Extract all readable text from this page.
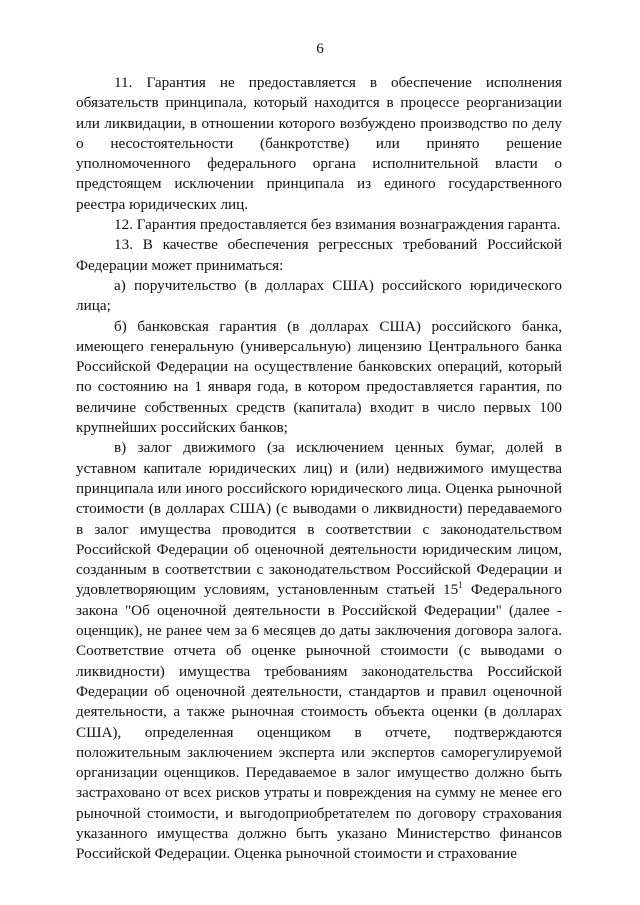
6

11. Гарантия не предоставляется в обеспечение исполнения обязательств принципала, который находится в процессе реорганизации или ликвидации, в отношении которого возбуждено производство по делу о несостоятельности (банкротстве) или принято решение уполномоченного федерального органа исполнительной власти о предстоящем исключении принципала из единого государственного реестра юридических лиц.

12. Гарантия предоставляется без взимания вознаграждения гаранта.

13. В качестве обеспечения регрессных требований Российской Федерации может приниматься:

а) поручительство (в долларах США) российского юридического лица;

б) банковская гарантия (в долларах США) российского банка, имеющего генеральную (универсальную) лицензию Центрального банка Российской Федерации на осуществление банковских операций, который по состоянию на 1 января года, в котором предоставляется гарантия, по величине собственных средств (капитала) входит в число первых 100 крупнейших российских банков;

в) залог движимого (за исключением ценных бумаг, долей в уставном капитале юридических лиц) и (или) недвижимого имущества принципала или иного российского юридического лица. Оценка рыночной стоимости (в долларах США) (с выводами о ликвидности) передаваемого в залог имущества проводится в соответствии с законодательством Российской Федерации об оценочной деятельности юридическим лицом, созданным в соответствии с законодательством Российской Федерации и удовлетворяющим условиям, установленным статьей $15^1$ Федерального закона "Об оценочной деятельности в Российской Федерации" (далее - оценщик), не ранее чем за 6 месяцев до даты заключения договора залога. Соответствие отчета об оценке рыночной стоимости (с выводами о ликвидности) имущества требованиям законодательства Российской Федерации об оценочной деятельности, стандартов и правил оценочной деятельности, а также рыночная стоимость объекта оценки (в долларах США), определенная оценщиком в отчете, подтверждаются положительным заключением эксперта или экспертов саморегулируемой организации оценщиков. Передаваемое в залог имущество должно быть застраховано от всех рисков утраты и повреждения на сумму не менее его рыночной стоимости, и выгодоприобретателем по договору страхования указанного имущества должно быть указано Министерство финансов Российской Федерации. Оценка рыночной стоимости и страхование
